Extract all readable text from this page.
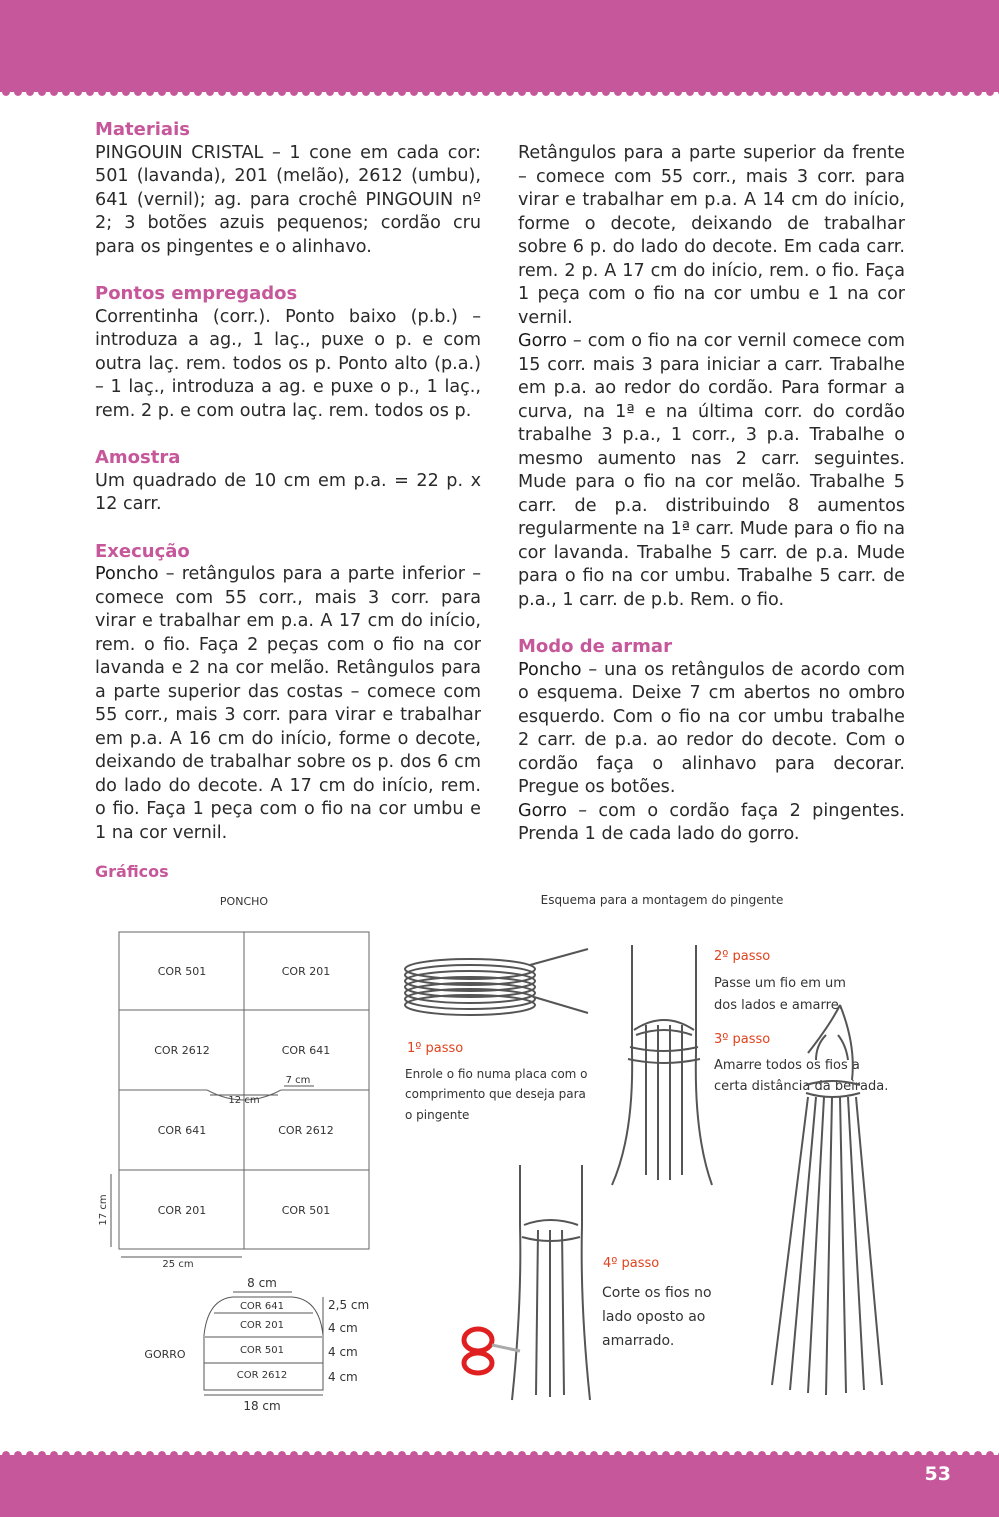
Materiais

PINGOUIN CRISTAL – 1 cone em cada cor: 501 (lavanda), 201 (melão), 2612 (umbu), 641 (vernil); ag. para crochê PINGOUIN nº 2; 3 botões azuis pequenos; cordão cru para os pingentes e o alinhavo.

Pontos empregados

Correntinha (corr.). Ponto baixo (p.b.) – introduza a ag., 1 laç., puxe o p. e com outra laç. rem. todos os p. Ponto alto (p.a.) – 1 laç., introduza a ag. e puxe o p., 1 laç., rem. 2 p. e com outra laç. rem. todos os p.

Amostra

Um quadrado de 10 cm em p.a. = 22 p. x 12 carr.

Execução

Poncho – retângulos para a parte inferior – comece com 55 corr., mais 3 corr. para virar e trabalhar em p.a. A 17 cm do início, rem. o fio. Faça 2 peças com o fio na cor lavanda e 2 na cor melão. Retângulos para a parte superior das costas – comece com 55 corr., mais 3 corr. para virar e trabalhar em p.a. A 16 cm do início, forme o decote, deixando de trabalhar sobre os p. dos 6 cm do lado do decote. A 17 cm do início, rem. o fio. Faça 1 peça com o fio na cor umbu e 1 na cor vernil.

Retângulos para a parte superior da frente – comece com 55 corr., mais 3 corr. para virar e trabalhar em p.a. A 14 cm do início, forme o decote, deixando de trabalhar sobre 6 p. do lado do decote. Em cada carr. rem. 2 p. A 17 cm do início, rem. o fio. Faça 1 peça com o fio na cor umbu e 1 na cor vernil.

Gorro – com o fio na cor vernil comece com 15 corr. mais 3 para iniciar a carr. Trabalhe em p.a. ao redor do cordão. Para formar a curva, na 1ª e na última corr. do cordão trabalhe 3 p.a., 1 corr., 3 p.a. Trabalhe o mesmo aumento nas 2 carr. seguintes. Mude para o fio na cor melão. Trabalhe 5 carr. de p.a. distribuindo 8 aumentos regularmente na 1ª carr. Mude para o fio na cor lavanda. Trabalhe 5 carr. de p.a. Mude para o fio na cor umbu. Trabalhe 5 carr. de p.a., 1 carr. de p.b. Rem. o fio.

Modo de armar

Poncho – una os retângulos de acordo com o esquema. Deixe 7 cm abertos no ombro esquerdo. Com o fio na cor umbu trabalhe 2 carr. de p.a. ao redor do decote. Com o cordão faça o alinhavo para decorar. Pregue os botões.

Gorro – com o cordão faça 2 pingentes. Prenda 1 de cada lado do gorro.

Gráficos
PONCHO
COR 501	COR 201
COR 2612	COR 641
COR 641	COR 2612
COR 201	COR 501
7 cm
12 cm
17 cm
25 cm
8 cm
COR 641
COR 201
COR 501
COR 2612
2,5 cm
4 cm
4 cm
4 cm
GORRO
18 cm
Esquema para a montagem do pingente
1º passo
Enrole o fio numa placa com o
comprimento que deseja para
o pingente
2º passo
Passe um fio em um
dos lados e amarre.
3º passo
Amarre todos os fios a
certa distância da beirada.
4º passo
Corte os fios no
lado oposto ao
amarrado.
53
